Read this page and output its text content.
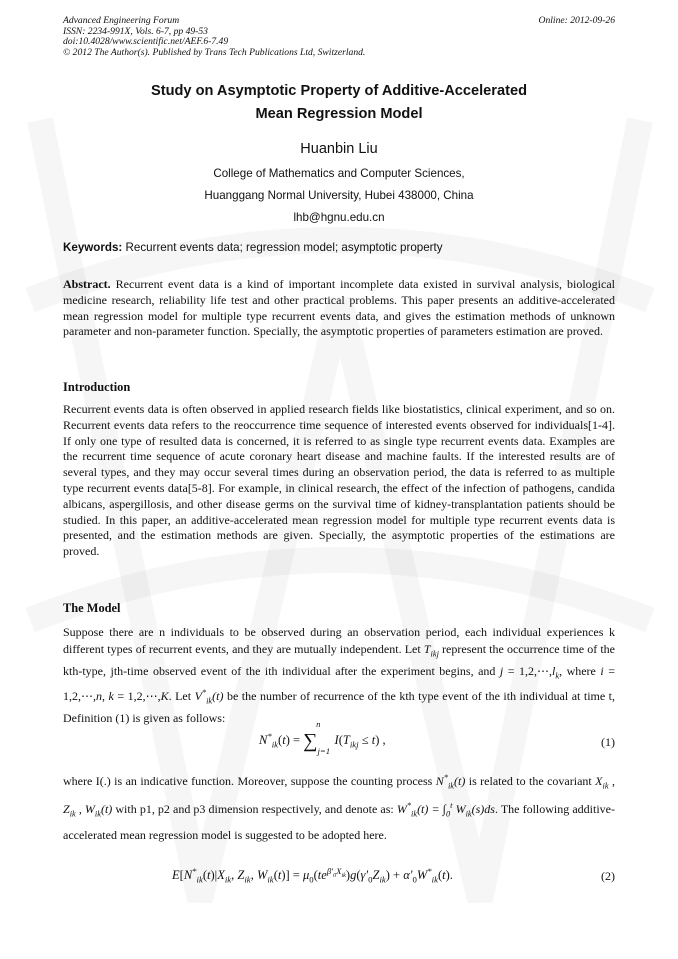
Advanced Engineering Forum
ISSN: 2234-991X, Vols. 6-7, pp 49-53
doi:10.4028/www.scientific.net/AEF.6-7.49
© 2012 The Author(s). Published by Trans Tech Publications Ltd, Switzerland.
Online: 2012-09-26
Study on Asymptotic Property of Additive-Accelerated
Mean Regression Model
Huanbin Liu
College of Mathematics and Computer Sciences,
Huanggang Normal University, Hubei 438000, China
lhb@hgnu.edu.cn
Keywords: Recurrent events data; regression model; asymptotic property
Abstract. Recurrent event data is a kind of important incomplete data existed in survival analysis, biological medicine research, reliability life test and other practical problems. This paper presents an additive-accelerated mean regression model for multiple type recurrent events data, and gives the estimation methods of unknown parameter and non-parameter function. Specially, the asymptotic properties of parameters estimation are proved.
Introduction
Recurrent events data is often observed in applied research fields like biostatistics, clinical experiment, and so on. Recurrent events data refers to the reoccurrence time sequence of interested events observed for individuals[1-4]. If only one type of resulted data is concerned, it is referred to as single type recurrent events data. Examples are the recurrent time sequence of acute coronary heart disease and machine faults. If the interested results are of several types, and they may occur several times during an observation period, the data is referred to as multiple type recurrent events data[5-8]. For example, in clinical research, the effect of the infection of pathogens, candida albicans, aspergillosis, and other disease germs on the survival time of kidney-transplantation patients should be studied. In this paper, an additive-accelerated mean regression model for multiple type recurrent events data is presented, and the estimation methods are given. Specially, the asymptotic properties of the estimations are proved.
The Model
Suppose there are n individuals to be observed during an observation period, each individual experiences k different types of recurrent events, and they are mutually independent. Let $T_{ikj}$ represent the occurrence time of the kth-type, jth-time observed event of the ith individual after the experiment begins, and $j = 1,2,\cdots,l_k$, where i = 1,2,⋯,n, k = 1,2,⋯,K. Let $V^*_{ik}(t)$ be the number of recurrence of the kth type event of the ith individual at time t, Definition (1) is given as follows:
$N^*_{ik}(t) = \sum_{j=1}^nI(T_{ikj} \le t)$ ,	(1)
where I(.) is an indicative function. Moreover, suppose the counting process $N^*_{ik}(t)$ is related to the covariant $X_{ik}$ , $Z_{ik}$ , $W_{ik}(t)$ with p1, p2 and p3 dimension respectively, and denote as: $W^*_{ik}(t) = \int_0^t$ $W_{ik}(s)ds$. The following additive-accelerated mean regression model is suggested to be adopted here.
$E[N^*_{ik}(t)|X_{ik}$, $Z_{ik}$, $W_{ik}(t)] = \mu_0(te^{\beta'_0X_{ik}})g(\gamma'_0Z_{ik}) + \alpha'_0W^*_{ik}(t)$.	(2)
